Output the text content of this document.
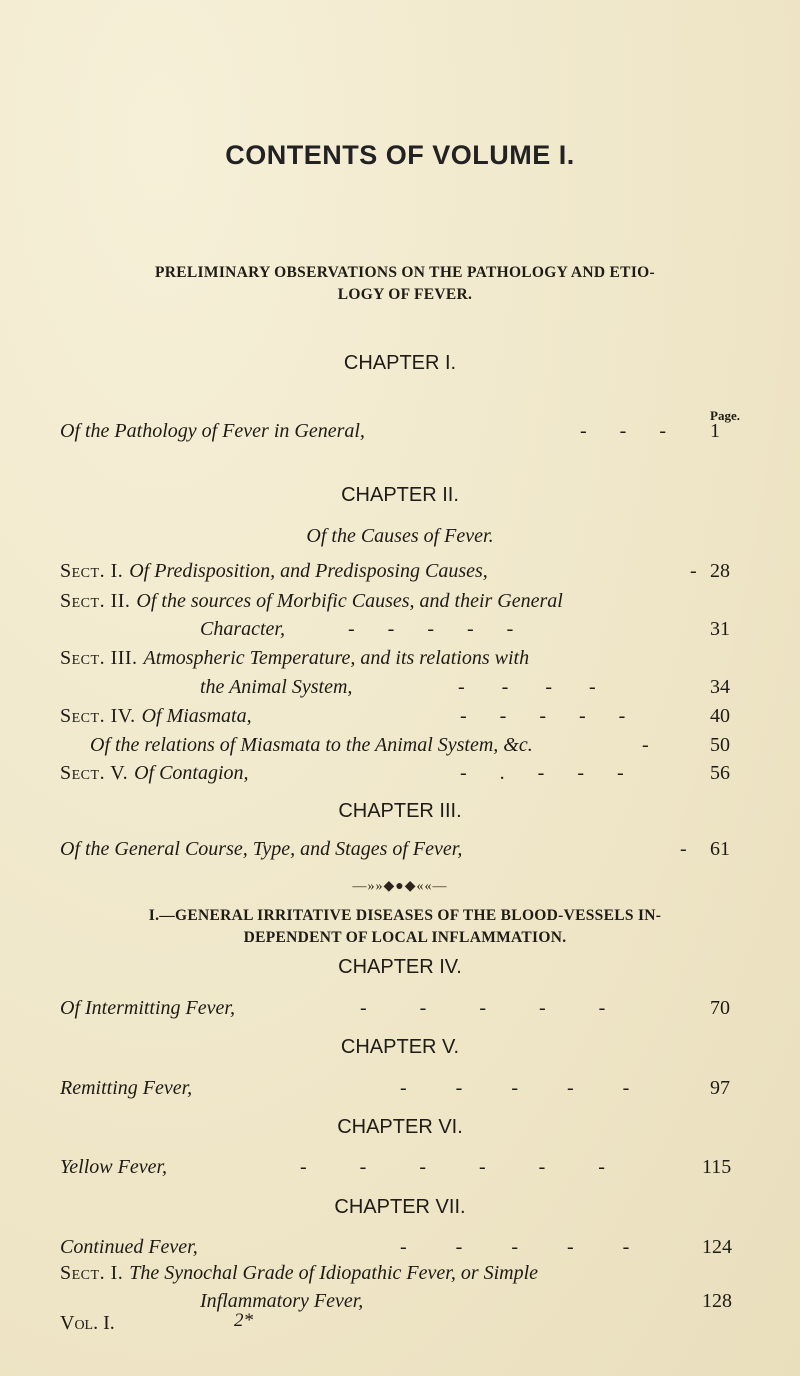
CONTENTS OF VOLUME I.
PRELIMINARY OBSERVATIONS ON THE PATHOLOGY AND ETIO-
LOGY OF FEVER.
CHAPTER I.
Page.
Of the Pathology of Fever in General,	- - - 1
CHAPTER II.
Of the Causes of Fever.
Sect. I. Of Predisposition, and Predisposing Causes,	- 28
Sect. II. Of the sources of Morbific Causes, and their General
Character,	- - - - -	31
Sect. III. Atmospheric Temperature, and its relations with
the Animal System,	- - - -	34
Sect. IV. Of Miasmata,	- - - - -	40
Of the relations of Miasmata to the Animal System, &c.	- 50
Sect. V. Of Contagion,	- . - - -	56
CHAPTER III.
Of the General Course, Type, and Stages of Fever,	- 61
—»»◆●◆««—
I.—GENERAL IRRITATIVE DISEASES OF THE BLOOD-VESSELS IN-
DEPENDENT OF LOCAL INFLAMMATION.
CHAPTER IV.
Of Intermitting Fever,	- - - - -	70
CHAPTER V.
Remitting Fever,	- - - - -	97
CHAPTER VI.
Yellow Fever,	- - - - - -	115
CHAPTER VII.
Continued Fever,	- - - - -	124
Sect. I. The Synochal Grade of Idiopathic Fever, or Simple
Inflammatory Fever,	128
Vol. I.	2*
